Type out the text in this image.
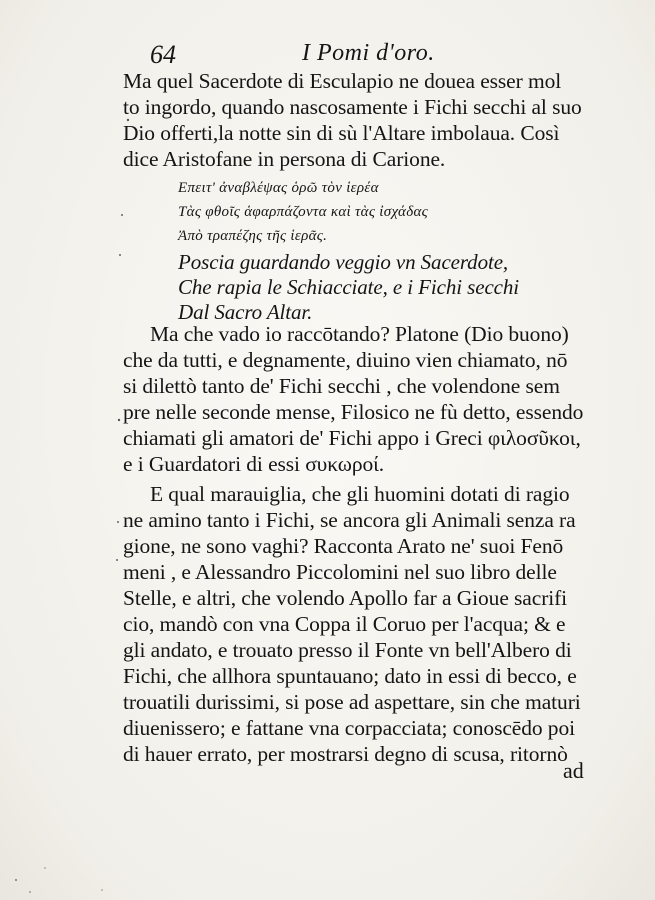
64	I Pomi d'oro.
Ma quel Sacerdote di Esculapio ne douea esser mol
to ingordo, quando nascosamente i Fichi secchi al suo
Dio offerti,la notte sin di sù l'Altare imbolaua. Così
dice Aristofane in persona di Carione.
Επειτ' ἀναβλέψας ὁρῶ τὸν ἱερέα
Τὰς φθοῖς ἁφαρπάζοντα καὶ τὰς ἰσχάδας
Ἀπὸ τραπέζης τῆς ἱερᾶς.
Poscia guardando veggio vn Sacerdote,
Che rapia le Schiacciate, e i Fichi secchi
Dal Sacro Altar.
Ma che vado io raccōtando? Platone (Dio buono)
che da tutti, e degnamente, diuino vien chiamato, nō
si dilettò tanto de' Fichi secchi , che volendone sem
pre nelle seconde mense, Filosico ne fù detto, essendo
chiamati gli amatori de' Fichi appo i Greci φιλοσῦκοι,
e i Guardatori di essi συκωροί.
E qual marauiglia, che gli huomini dotati di ragio
ne amino tanto i Fichi, se ancora gli Animali senza ra
gione, ne sono vaghi? Racconta Arato ne' suoi Fenō
meni , e Alessandro Piccolomini nel suo libro delle
Stelle, e altri, che volendo Apollo far a Gioue sacrifi
cio, mandò con vna Coppa il Coruo per l'acqua; & e
gli andato, e trouato presso il Fonte vn bell'Albero di
Fichi, che allhora spuntauano; dato in essi di becco, e
trouatili durissimi, si pose ad aspettare, sin che maturi
diuenissero; e fattane vna corpacciata; conoscēdo poi
di hauer errato, per mostrarsi degno di scusa, ritornò
ad
